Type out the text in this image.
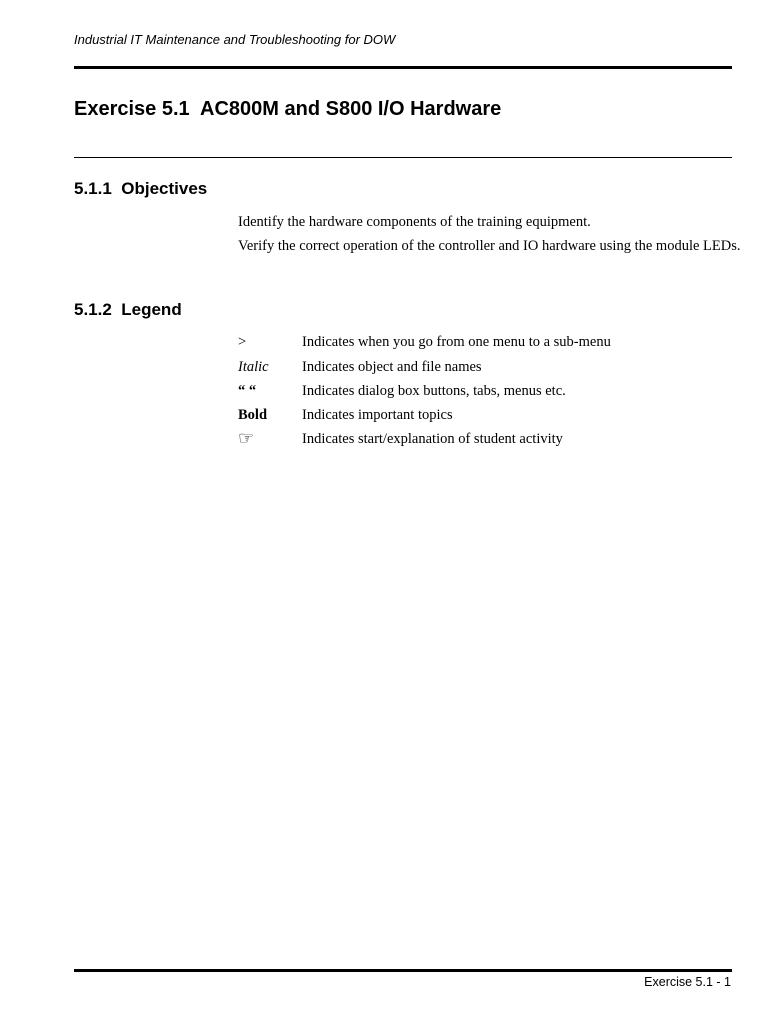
Industrial IT Maintenance and Troubleshooting for DOW
Exercise 5.1  AC800M and S800 I/O Hardware
5.1.1  Objectives
Identify the hardware components of the training equipment.
Verify the correct operation of the controller and IO hardware using the module LEDs.
5.1.2  Legend
>	Indicates when you go from one menu to a sub-menu
Italic Indicates object and file names
“ “	Indicates dialog box buttons, tabs, menus etc.
Bold Indicates important topics
☞	Indicates start/explanation of student activity
Exercise 5.1 - 1
